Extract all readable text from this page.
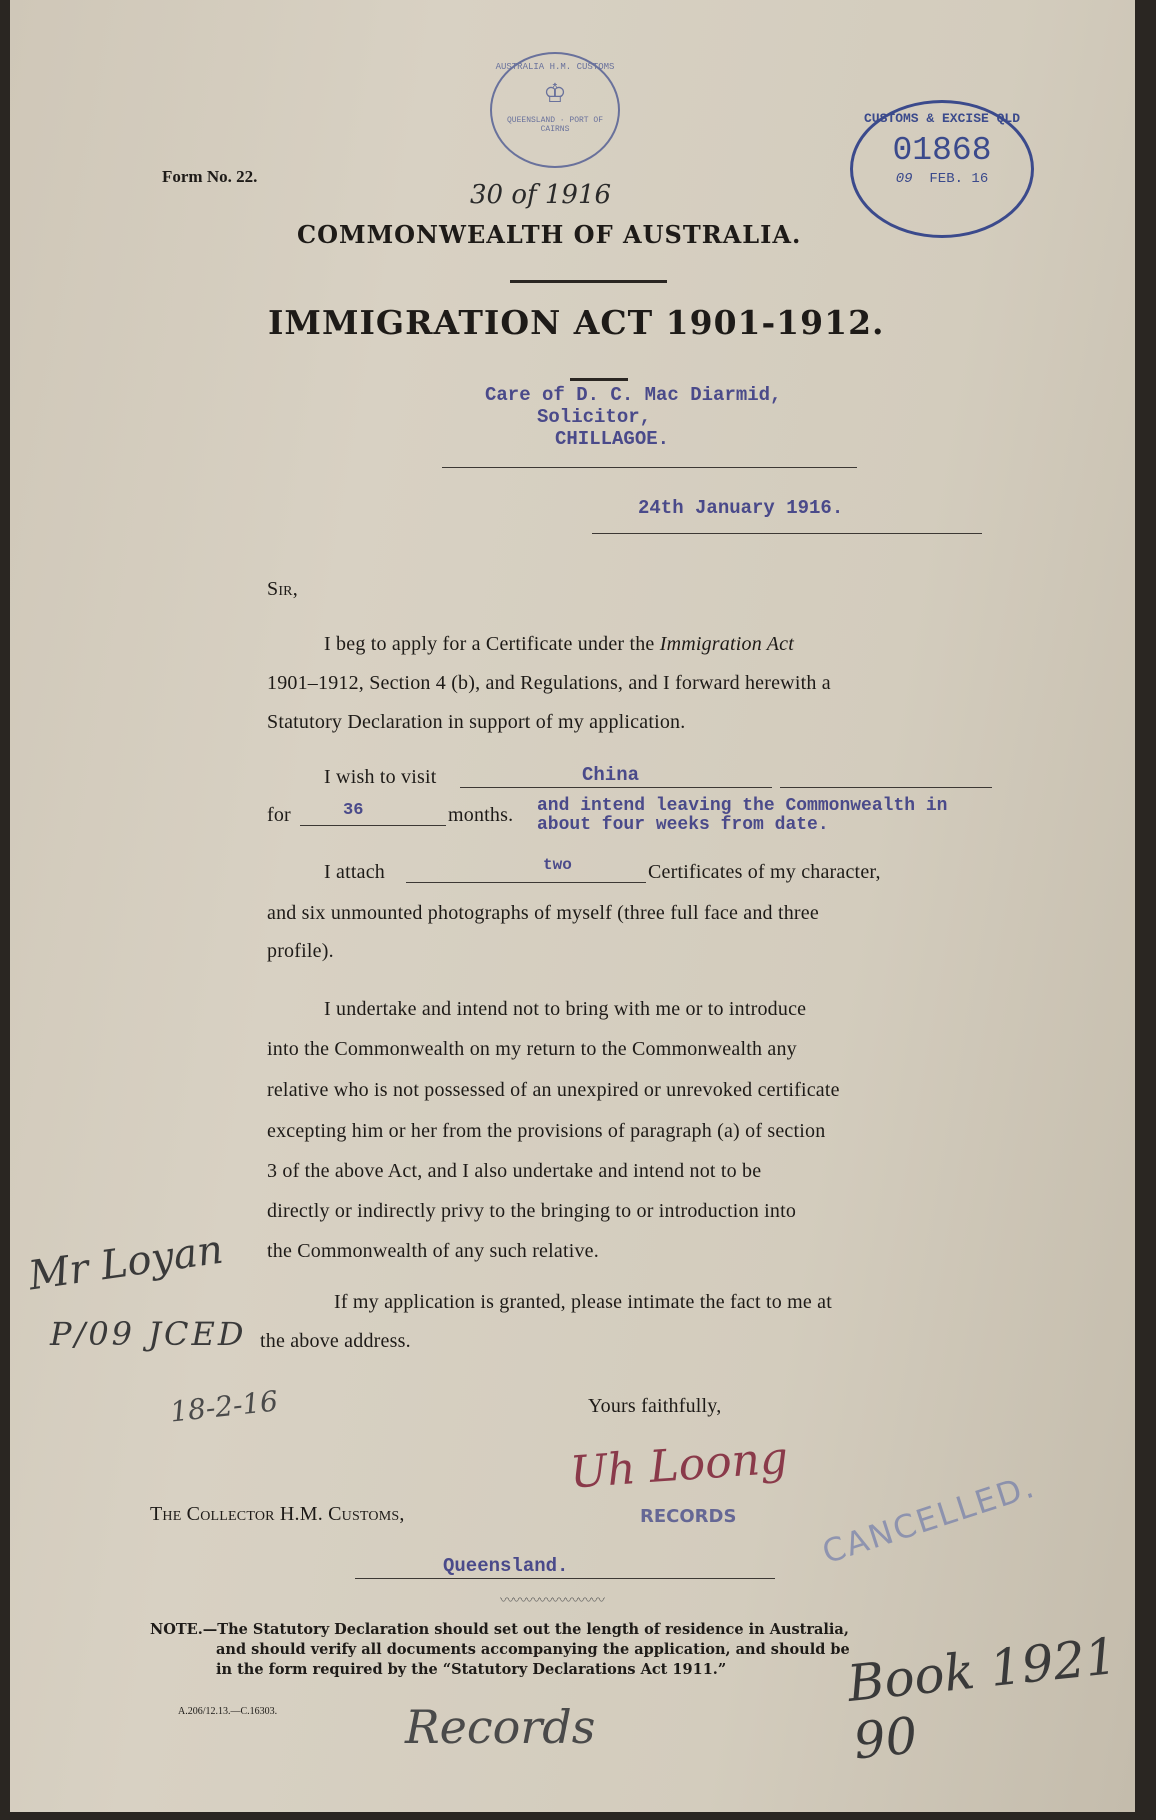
Form No. 22.
AUSTRALIA H.M. CUSTOMS
♔
QUEENSLAND · PORT OF CAIRNS
30 of 1916
CUSTOMS & EXCISE QLD
01868
09 FEB. 16
COMMONWEALTH OF AUSTRALIA.
IMMIGRATION ACT 1901-1912.
Care of D. C. Mac Diarmid,
Solicitor,
CHILLAGOE.
24th January 1916.
Sir,
I beg to apply for a Certificate under the Immigration Act
1901–1912, Section 4 (b), and Regulations, and I forward herewith a
Statutory Declaration in support of my application.
I wish to visit	China
for	36	months. and intend leaving the Commonwealth in
about four weeks from date.
I attach	two	Certificates of my character,
and six unmounted photographs of myself (three full face and three
profile).
I undertake and intend not to bring with me or to introduce
into the Commonwealth on my return to the Commonwealth any
relative who is not possessed of an unexpired or unrevoked certificate
excepting him or her from the provisions of paragraph (a) of section
3 of the above Act, and I also undertake and intend not to be
directly or indirectly privy to the bringing to or introduction into
the Commonwealth of any such relative.
If my application is granted, please intimate the fact to me at
the above address.
Mr Loyan
P/09 JCED
18-2-16	Yours faithfully,
Uh Loong
The Collector H.M. Customs,	RECORDS
Queensland.	CANCELLED.
〰〰〰〰〰〰〰〰
NOTE.—The Statutory Declaration should set out the length of residence in Australia,
and should verify all documents accompanying the application, and should be
in the form required by the “Statutory Declarations Act 1911.”
A.206/12.13.—C.16303.	Records
Book 1921 90
